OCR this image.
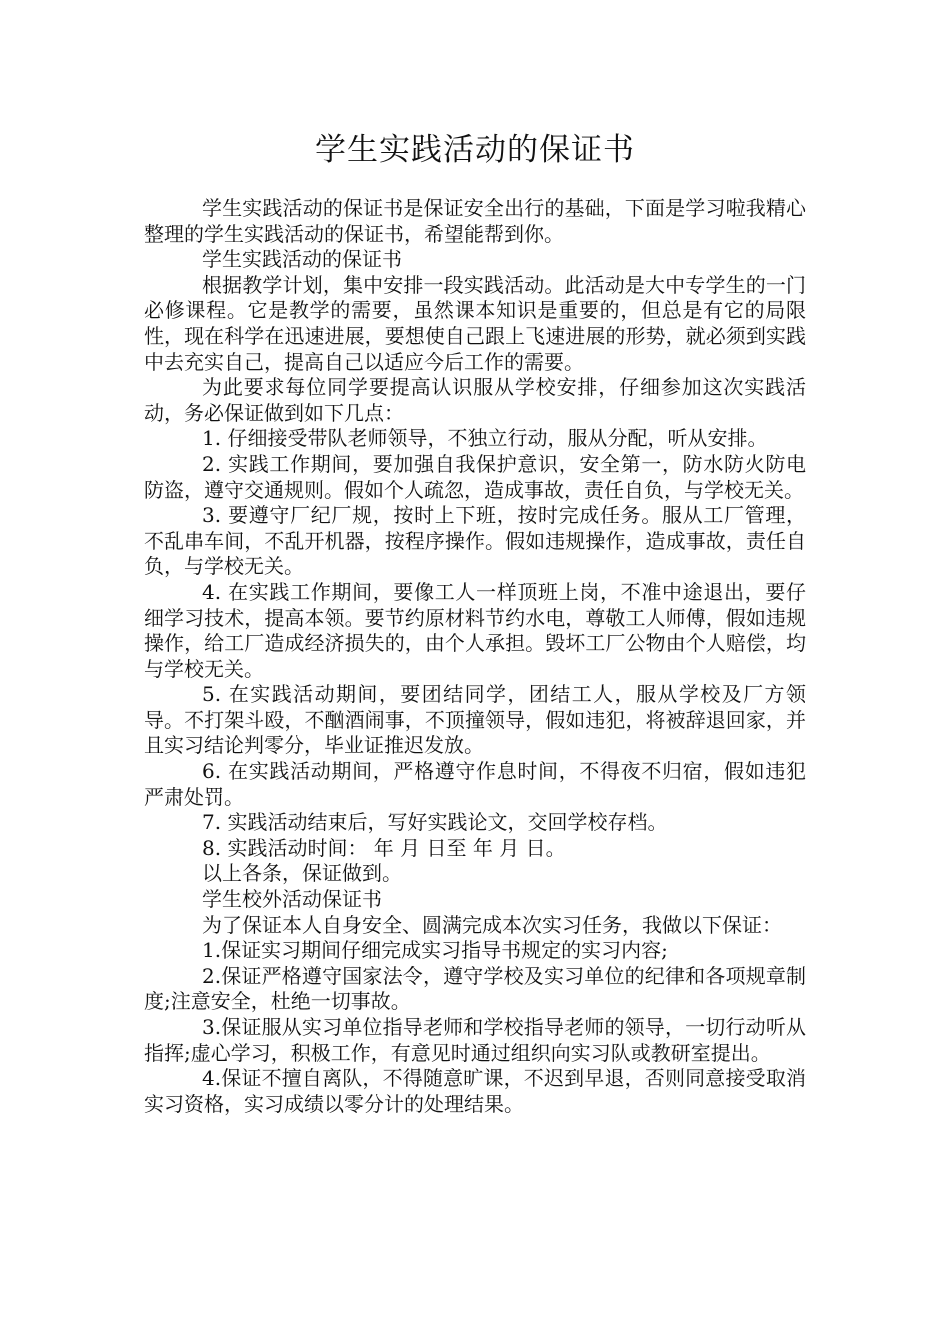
学生实践活动的保证书

学生实践活动的保证书是保证安全出行的基础，下面是学习啦我精心整理的学生实践活动的保证书，希望能帮到你。

学生实践活动的保证书

根据教学计划，集中安排一段实践活动。此活动是大中专学生的一门必修课程。它是教学的需要，虽然课本知识是重要的，但总是有它的局限性，现在科学在迅速进展，要想使自己跟上飞速进展的形势，就必须到实践中去充实自己，提高自己以适应今后工作的需要。

为此要求每位同学要提高认识服从学校安排，仔细参加这次实践活动，务必保证做到如下几点：

1. 仔细接受带队老师领导，不独立行动，服从分配，听从安排。

2. 实践工作期间，要加强自我保护意识，安全第一，防水防火防电防盗，遵守交通规则。假如个人疏忽，造成事故，责任自负，与学校无关。

3. 要遵守厂纪厂规，按时上下班，按时完成任务。服从工厂管理，不乱串车间，不乱开机器，按程序操作。假如违规操作，造成事故，责任自负，与学校无关。

4. 在实践工作期间，要像工人一样顶班上岗，不准中途退出，要仔细学习技术，提高本领。要节约原材料节约水电，尊敬工人师傅，假如违规操作，给工厂造成经济损失的，由个人承担。毁坏工厂公物由个人赔偿，均与学校无关。

5. 在实践活动期间，要团结同学，团结工人，服从学校及厂方领导。不打架斗殴，不酗酒闹事，不顶撞领导，假如违犯，将被辞退回家，并且实习结论判零分，毕业证推迟发放。

6. 在实践活动期间，严格遵守作息时间，不得夜不归宿，假如违犯严肃处罚。

7. 实践活动结束后，写好实践论文，交回学校存档。

8. 实践活动时间： 年 月 日至 年 月 日。

以上各条，保证做到。

学生校外活动保证书

为了保证本人自身安全、圆满完成本次实习任务，我做以下保证：

1.保证实习期间仔细完成实习指导书规定的实习内容;

2.保证严格遵守国家法令，遵守学校及实习单位的纪律和各项规章制度;注意安全，杜绝一切事故。

3.保证服从实习单位指导老师和学校指导老师的领导，一切行动听从指挥;虚心学习，积极工作，有意见时通过组织向实习队或教研室提出。

4.保证不擅自离队，不得随意旷课，不迟到早退，否则同意接受取消实习资格，实习成绩以零分计的处理结果。
